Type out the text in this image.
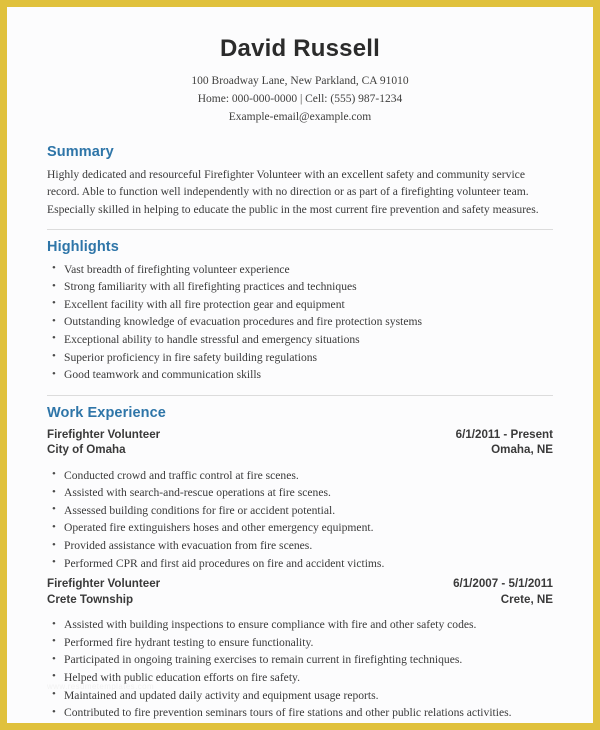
David Russell
100 Broadway Lane, New Parkland, CA 91010
Home: 000-000-0000 | Cell: (555) 987-1234
Example-email@example.com
Summary

Highly dedicated and resourceful Firefighter Volunteer with an excellent safety and community service record. Able to function well independently with no direction or as part of a firefighting volunteer team. Especially skilled in helping to educate the public in the most current fire prevention and safety measures.

Highlights
• Vast breadth of firefighting volunteer experience
• Strong familiarity with all firefighting practices and techniques
• Excellent facility with all fire protection gear and equipment
• Outstanding knowledge of evacuation procedures and fire protection systems
• Exceptional ability to handle stressful and emergency situations
• Superior proficiency in fire safety building regulations
• Good teamwork and communication skills
Work Experience
Firefighter Volunteer
City of Omaha
6/1/2011 - Present
Omaha, NE
• Conducted crowd and traffic control at fire scenes.
• Assisted with search-and-rescue operations at fire scenes.
• Assessed building conditions for fire or accident potential.
• Operated fire extinguishers hoses and other emergency equipment.
• Provided assistance with evacuation from fire scenes.
• Performed CPR and first aid procedures on fire and accident victims.
Firefighter Volunteer
Crete Township
6/1/2007 - 5/1/2011
Crete, NE
• Assisted with building inspections to ensure compliance with fire and other safety codes.
• Performed fire hydrant testing to ensure functionality.
• Participated in ongoing training exercises to remain current in firefighting techniques.
• Helped with public education efforts on fire safety.
• Maintained and updated daily activity and equipment usage reports.
• Contributed to fire prevention seminars tours of fire stations and other public relations activities.
www.resumetemplates.com
